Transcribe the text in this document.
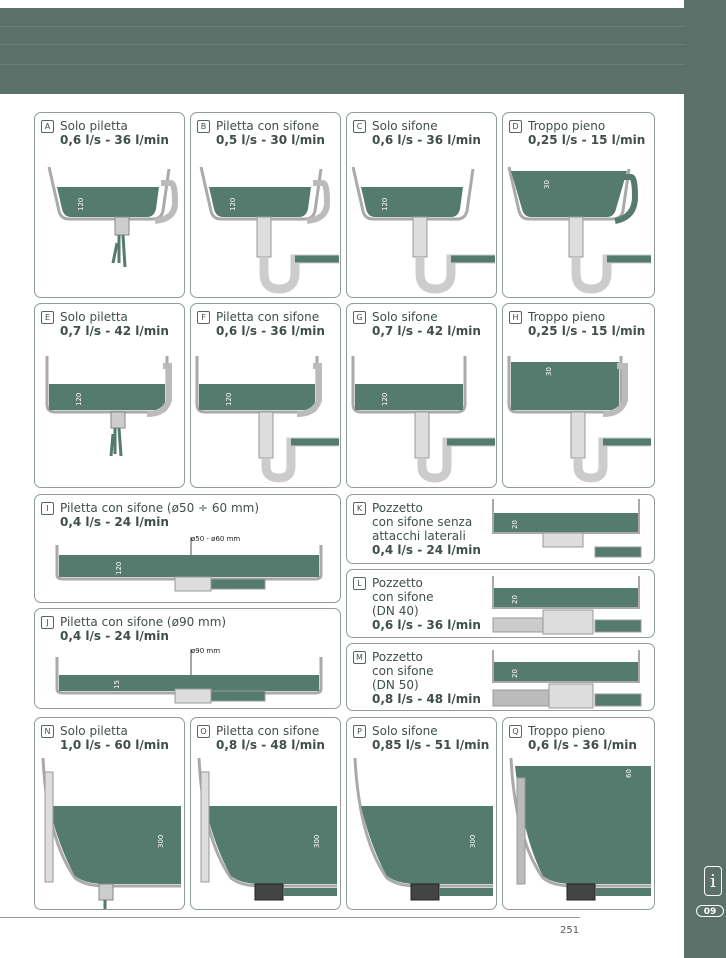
i
09
A Solo piletta
0,6 l/s - 36 l/min
120
B Piletta con sifone
0,5 l/s - 30 l/min
120
C Solo sifone
0,6 l/s - 36 l/min
120
D Troppo pieno
0,25 l/s - 15 l/min
30
E Solo piletta
0,7 l/s - 42 l/min
120
F Piletta con sifone
0,6 l/s - 36 l/min
120
G Solo sifone
0,7 l/s - 42 l/min
120
H Troppo pieno
0,25 l/s - 15 l/min
30
I Piletta con sifone (ø50 ÷ 60 mm)
0,4 l/s - 24 l/min
ø50 - ø60 mm
120
J Piletta con sifone (ø90 mm)
0,4 l/s - 24 l/min
ø90 mm
15
K Pozzetto
con sifone senza
attacchi laterali
0,4 l/s - 24 l/min
20
L Pozzetto
con sifone
(DN 40)
0,6 l/s - 36 l/min
20
M Pozzetto
con sifone
(DN 50)
0,8 l/s - 48 l/min
20
N Solo piletta
1,0 l/s - 60 l/min
300
O Piletta con sifone
0,8 l/s - 48 l/min
300
P Solo sifone
0,85 l/s - 51 l/min
300
Q Troppo pieno
0,6 l/s - 36 l/min
60
251
